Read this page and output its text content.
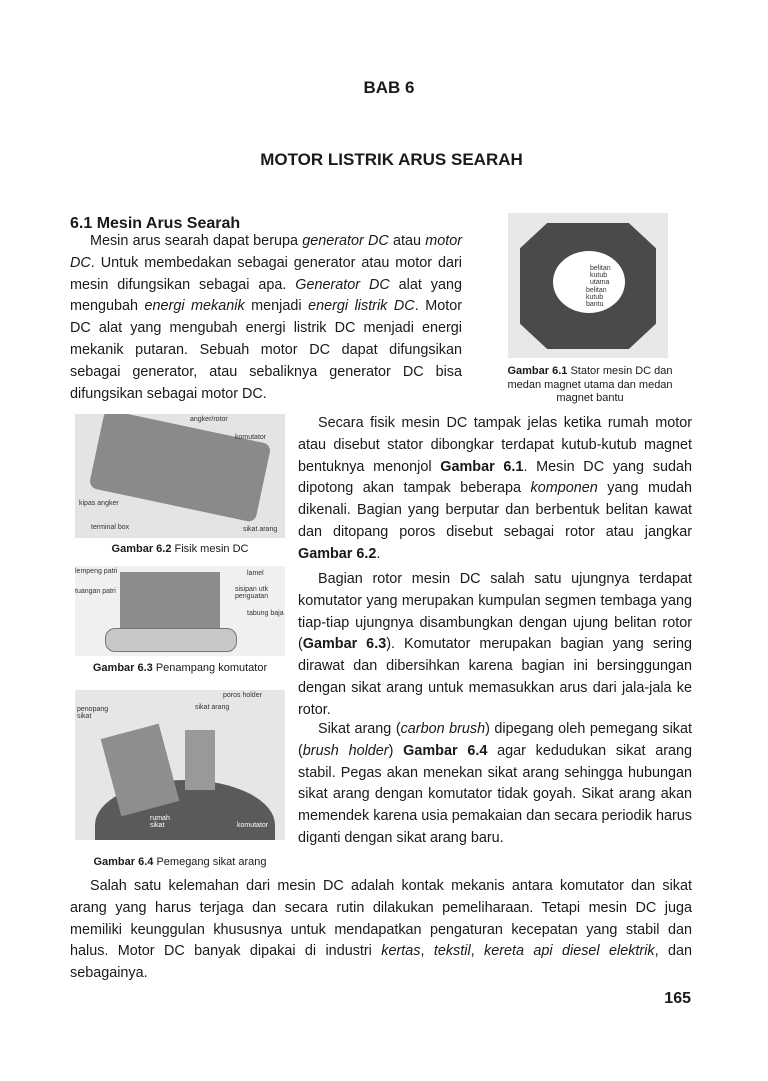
BAB 6
MOTOR LISTRIK ARUS SEARAH
6.1 Mesin Arus Searah

Mesin arus searah dapat berupa generator DC atau motor DC. Untuk membedakan sebagai generator atau motor dari mesin difungsikan sebagai apa. Generator DC alat yang mengubah energi mekanik menjadi energi listrik DC. Motor DC alat yang mengubah energi listrik DC menjadi energi mekanik putaran. Sebuah motor DC dapat difungsikan sebagai generator, atau sebaliknya generator DC bisa difungsikan sebagai motor DC.

Secara fisik mesin DC tampak jelas ketika rumah motor atau disebut stator dibongkar terdapat kutub-kutub magnet bentuknya menonjol Gambar 6.1. Mesin DC yang sudah dipotong akan tampak beberapa komponen yang mudah dikenali. Bagian yang berputar dan berbentuk belitan kawat dan ditopang poros disebut sebagai rotor atau jangkar Gambar 6.2.

Bagian rotor mesin DC salah satu ujungnya terdapat komutator yang merupakan kumpulan segmen tembaga yang tiap-tiap ujungnya disambungkan dengan ujung belitan rotor (Gambar 6.3). Komutator merupakan bagian yang sering dirawat dan dibersihkan karena bagian ini bersinggungan dengan sikat arang untuk memasukkan arus dari jala-jala ke rotor.

Sikat arang (carbon brush) dipegang oleh pemegang sikat (brush holder) Gambar 6.4 agar kedudukan sikat arang stabil. Pegas akan menekan sikat arang sehingga hubungan sikat arang dengan komutator tidak goyah. Sikat arang akan memendek karena usia pemakaian dan secara periodik harus diganti dengan sikat arang baru.

Salah satu kelemahan dari mesin DC adalah kontak mekanis antara komutator dan sikat arang yang harus terjaga dan secara rutin dilakukan pemeliharaan. Tetapi mesin DC juga memiliki keunggulan khususnya untuk mendapatkan pengaturan kecepatan yang stabil dan halus. Motor DC banyak dipakai di industri kertas, tekstil, kereta api diesel elektrik, dan sebagainya.

belitan kutub utama
belitan kutub bantu
Gambar 6.1 Stator mesin DC dan medan magnet utama dan medan magnet bantu
angker/rotor
komutator
kipas angker
terminal box	sikat arang
Gambar 6.2 Fisik mesin DC
lempeng patri	lamel
sisipan utk penguatan
tuangan patri
tabung baja
Gambar 6.3 Penampang komutator
poros holder
penopang sikat
sikat arang
rumah sikat	komutator
Gambar 6.4 Pemegang sikat arang
165
